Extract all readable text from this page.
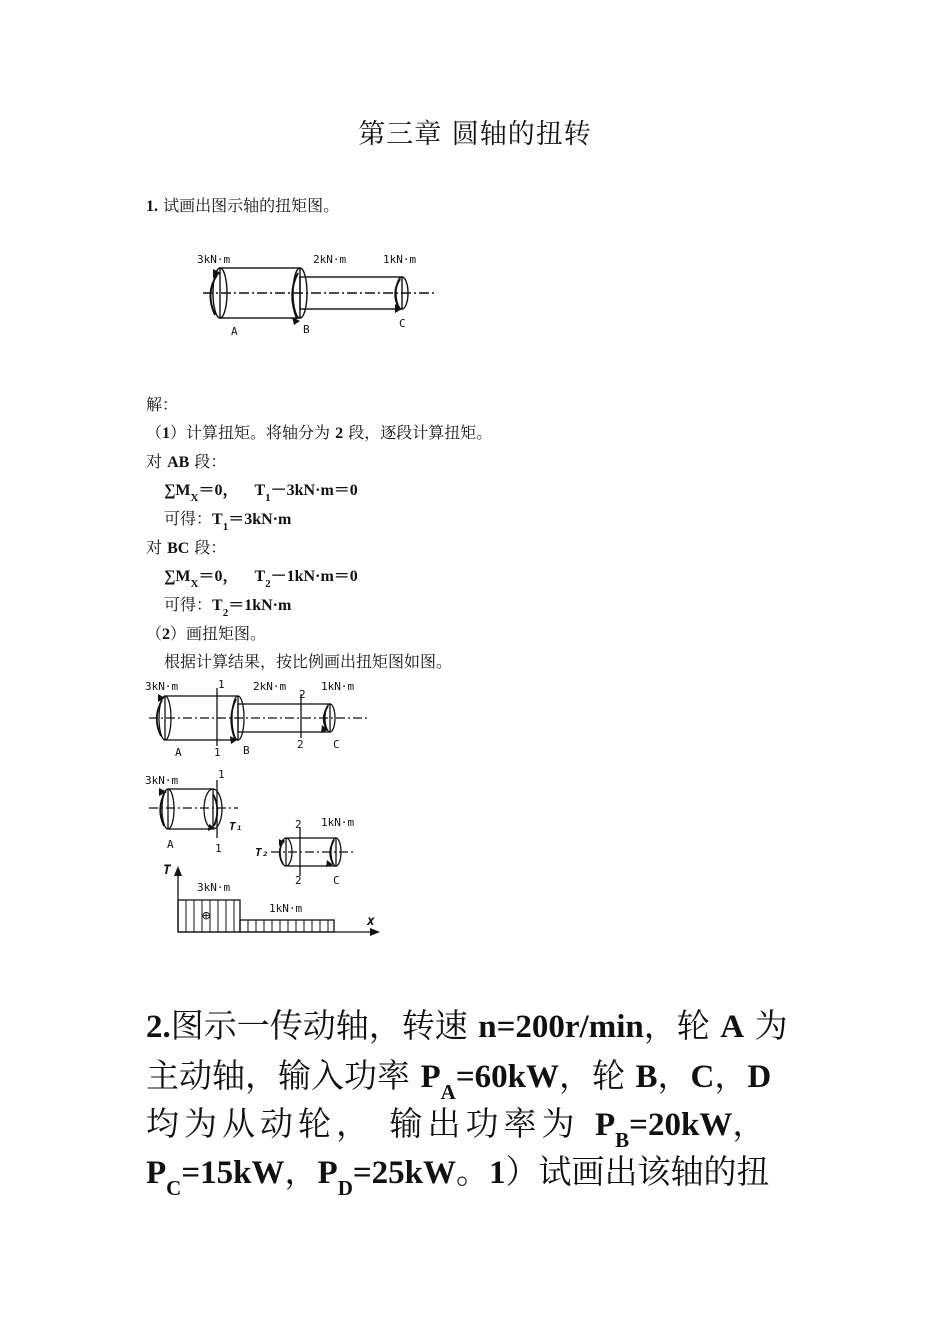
第三章 圆轴的扭转
1. 试画出图示轴的扭矩图。
3kN·m	2kN·m	1kN·m
A	B	C
解：
（1）计算扭矩。将轴分为 2 段，逐段计算扭矩。
对 AB 段：
$\sum M_X=0$， $T_1-3kN\cdot m=0$
可得：$T_1=3kN\cdot m$
对 BC 段：
$\sum M_X=0$， $T_2-1kN\cdot m=0$
可得：$T_2=1kN\cdot m$
（2）画扭矩图。
根据计算结果，按比例画出扭矩图如图。
3kN·m	2kN·m	1kN·m
A	B	C
1
1
2
2
3kN·m
A
1
1
T₁	1kN·m
C
2
2
T₂
T
x
3kN·m
1kN·m
⊕
2.图示一传动轴，转速 n=200r/min，轮 A 为
主动轴，输入功率 $P_A=60kW$，轮 B，C，D
均为从动轮， 输出功率为 $P_B=20kW$，
$P_C=15kW$，$P_D=25kW$。1）试画出该轴的扭
